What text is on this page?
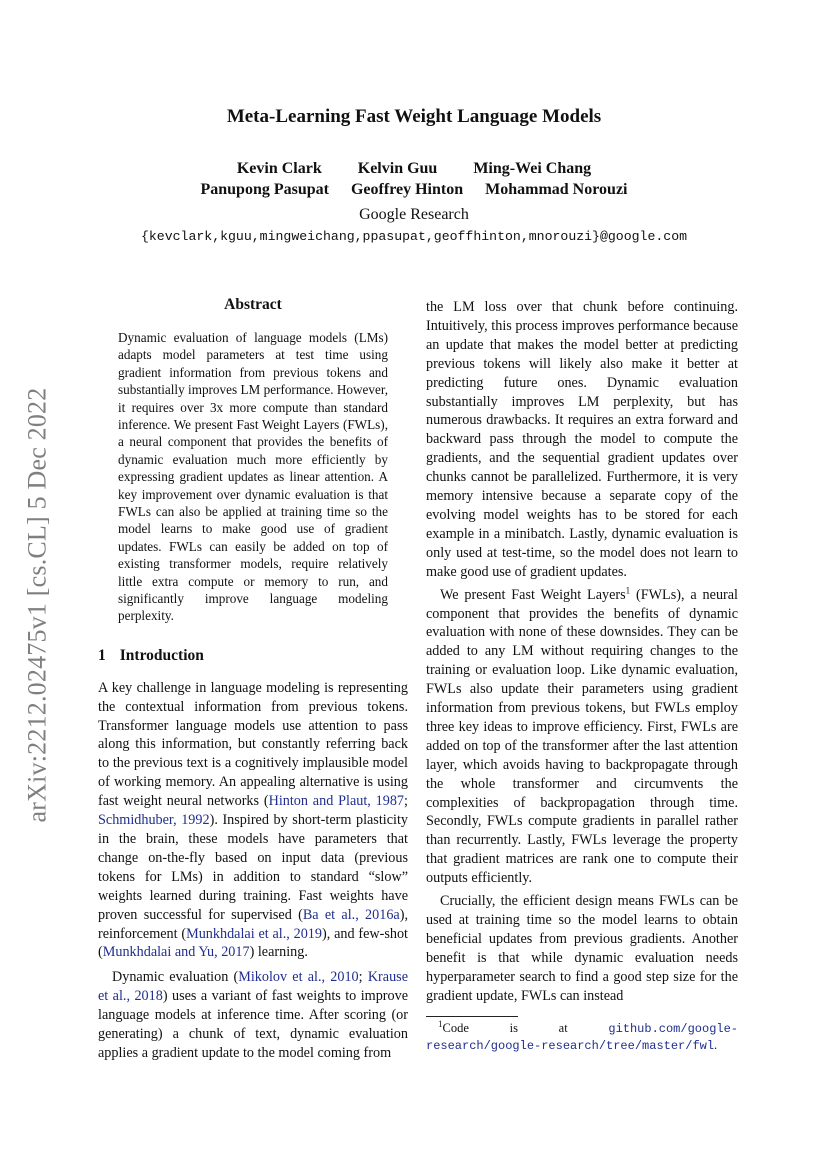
arXiv:2212.02475v1 [cs.CL] 5 Dec 2022
Meta-Learning Fast Weight Language Models
Kevin Clark Kelvin Guu Ming-Wei Chang
Panupong Pasupat Geoffrey Hinton Mohammad Norouzi
Google Research
{kevclark,kguu,mingweichang,ppasupat,geoffhinton,mnorouzi}@google.com
Abstract

Dynamic evaluation of language models (LMs) adapts model parameters at test time using gradient information from previous tokens and substantially improves LM performance. However, it requires over 3x more compute than standard inference. We present Fast Weight Layers (FWLs), a neural component that provides the benefits of dynamic evaluation much more efficiently by expressing gradient updates as linear attention. A key improvement over dynamic evaluation is that FWLs can also be applied at training time so the model learns to make good use of gradient updates. FWLs can easily be added on top of existing transformer models, require relatively little extra compute or memory to run, and significantly improve language modeling perplexity.

1 Introduction

A key challenge in language modeling is representing the contextual information from previous tokens. Transformer language models use attention to pass along this information, but constantly referring back to the previous text is a cognitively implausible model of working memory. An appealing alternative is using fast weight neural networks (Hinton and Plaut, 1987; Schmidhuber, 1992). Inspired by short-term plasticity in the brain, these models have parameters that change on-the-fly based on input data (previous tokens for LMs) in addition to standard “slow” weights learned during training. Fast weights have proven successful for supervised (Ba et al., 2016a), reinforcement (Munkhdalai et al., 2019), and few-shot (Munkhdalai and Yu, 2017) learning.

Dynamic evaluation (Mikolov et al., 2010; Krause et al., 2018) uses a variant of fast weights to improve language models at inference time. After scoring (or generating) a chunk of text, dynamic evaluation applies a gradient update to the model coming from

the LM loss over that chunk before continuing. Intuitively, this process improves performance because an update that makes the model better at predicting previous tokens will likely also make it better at predicting future ones. Dynamic evaluation substantially improves LM perplexity, but has numerous drawbacks. It requires an extra forward and backward pass through the model to compute the gradients, and the sequential gradient updates over chunks cannot be parallelized. Furthermore, it is very memory intensive because a separate copy of the evolving model weights has to be stored for each example in a minibatch. Lastly, dynamic evaluation is only used at test-time, so the model does not learn to make good use of gradient updates.

We present Fast Weight Layers$^1$ (FWLs), a neural component that provides the benefits of dynamic evaluation with none of these downsides. They can be added to any LM without requiring changes to the training or evaluation loop. Like dynamic evaluation, FWLs also update their parameters using gradient information from previous tokens, but FWLs employ three key ideas to improve efficiency. First, FWLs are added on top of the transformer after the last attention layer, which avoids having to backpropagate through the whole transformer and circumvents the complexities of backpropagation through time. Secondly, FWLs compute gradients in parallel rather than recurrently. Lastly, FWLs leverage the property that gradient matrices are rank one to compute their outputs efficiently.

Crucially, the efficient design means FWLs can be used at training time so the model learns to obtain beneficial updates from previous gradients. Another benefit is that while dynamic evaluation needs hyperparameter search to find a good step size for the gradient update, FWLs can instead

$^1$Code is at github.com/google-research/google-research/tree/master/fwl.
